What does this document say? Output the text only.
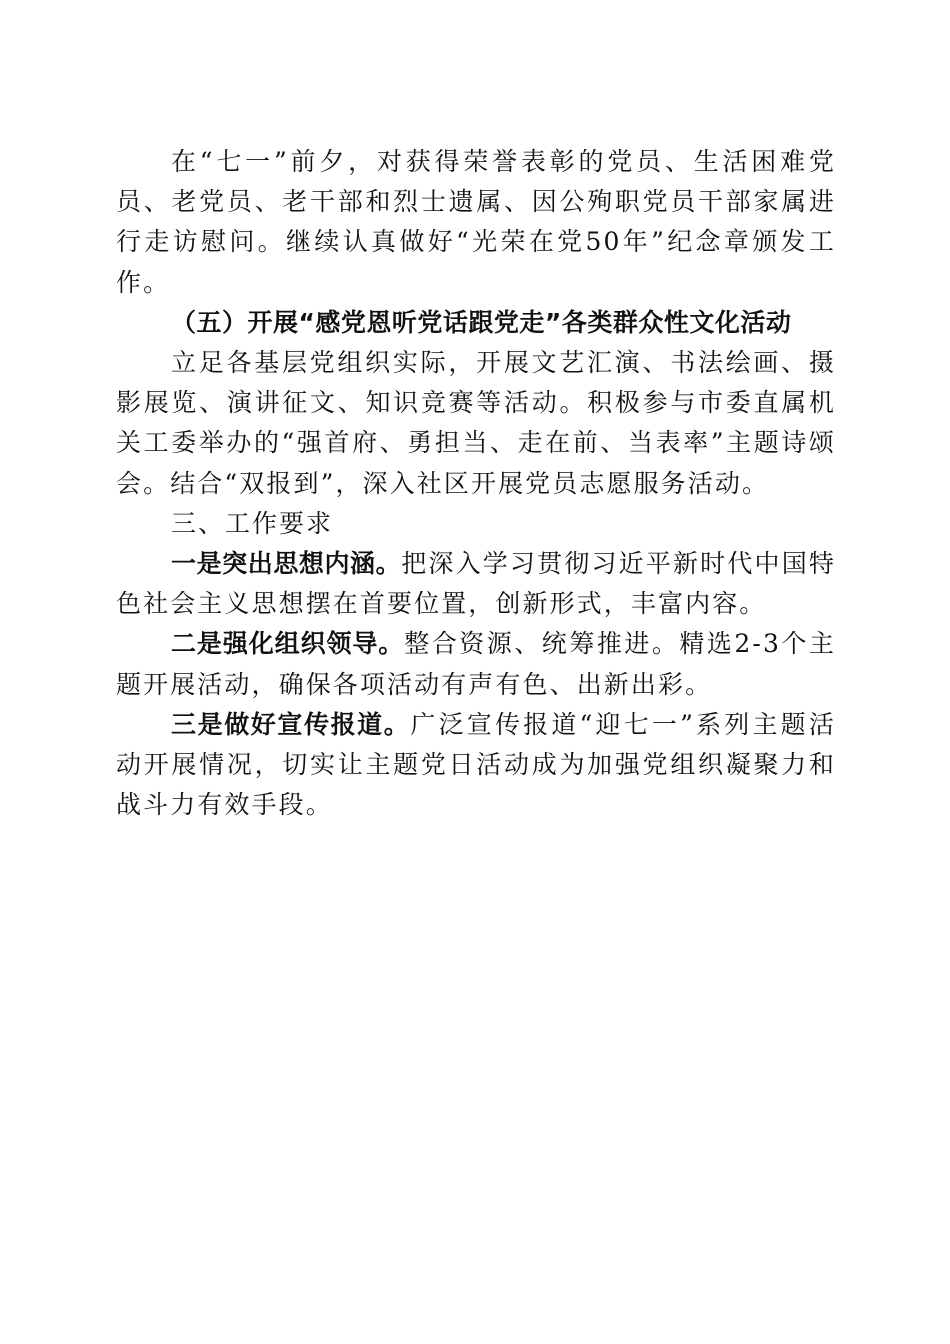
在“七一”前夕，对获得荣誉表彰的党员、生活困难党员、老党员、老干部和烈士遗属、因公殉职党员干部家属进行走访慰问。继续认真做好“光荣在党50年”纪念章颁发工作。

（五）开展“感党恩听党话跟党走”各类群众性文化活动

立足各基层党组织实际，开展文艺汇演、书法绘画、摄影展览、演讲征文、知识竞赛等活动。积极参与市委直属机关工委举办的“强首府、勇担当、走在前、当表率”主题诗颂会。结合“双报到”，深入社区开展党员志愿服务活动。

三、工作要求

一是突出思想内涵。把深入学习贯彻习近平新时代中国特色社会主义思想摆在首要位置，创新形式，丰富内容。

二是强化组织领导。整合资源、统筹推进。精选2-3个主题开展活动，确保各项活动有声有色、出新出彩。

三是做好宣传报道。广泛宣传报道“迎七一”系列主题活动开展情况，切实让主题党日活动成为加强党组织凝聚力和战斗力有效手段。
